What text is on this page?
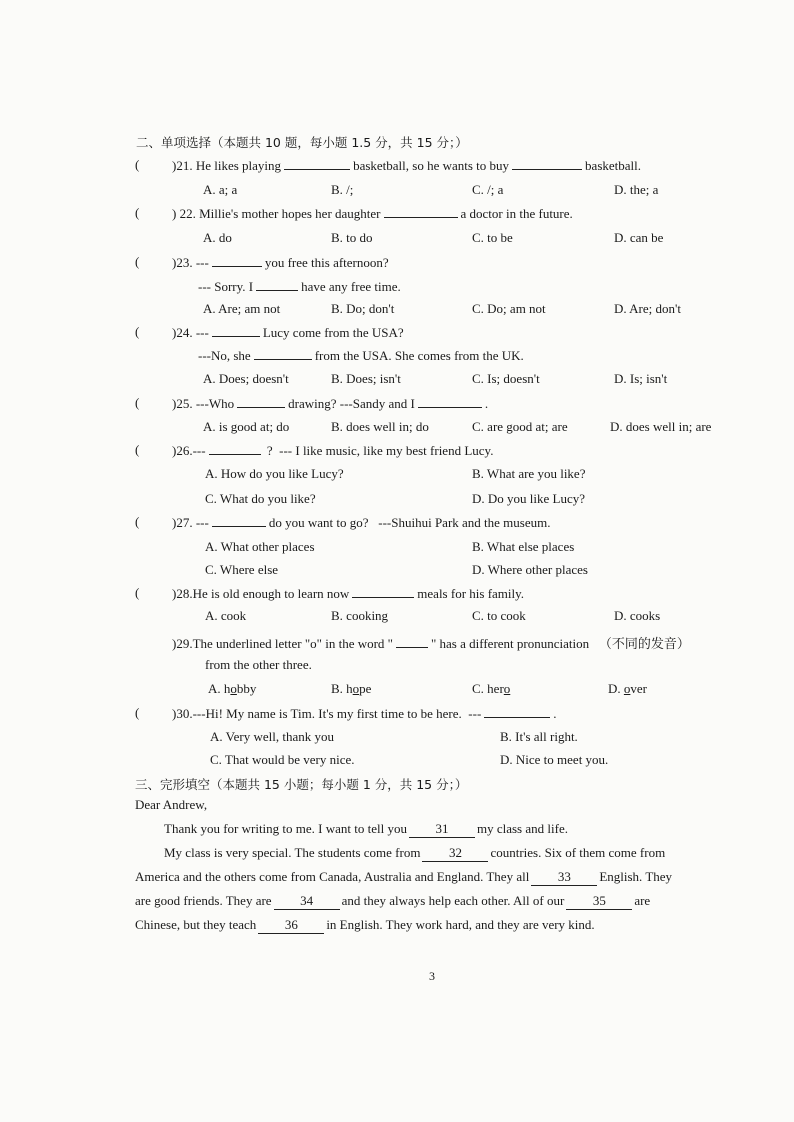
二、单项选择（本题共 10 题，每小题 1.5 分，共 15 分；）
(	)21. He likes playing	basketball, so he wants to buy	basketball.
A. a; a	B. /;	C. /; a	D. the; a
(	) 22. Millie's mother hopes her daughter	a doctor in the future.
A. do	B. to do	C. to be	D. can be
(	)23. ---	you free this afternoon?
--- Sorry. I	have any free time.
A. Are; am not	B. Do; don't	C. Do; am not	D. Are; don't
(	)24. ---	Lucy come from the USA?
---No, she	from the USA. She comes from the UK.
A. Does; doesn't	B. Does; isn't	C. Is; doesn't	D. Is; isn't
(	)25. ---Who	drawing? ---Sandy and I	.
A. is good at; do	B. does well in; do	C. are good at; are	D. does well in; are
(	)26.---	? --- I like music, like my best friend Lucy.
A. How do you like Lucy?	B. What are you like?
C. What do you like?	D. Do you like Lucy?
(	)27. ---	do you want to go? ---Shuihui Park and the museum.
A. What other places	B. What else places
C. Where else	D. Where other places
(	)28.He is old enough to learn now	meals for his family.
A. cook	B. cooking	C. to cook	D. cooks
)29.The underlined letter "o" in the word "	" has a different pronunciation （不同的发音）
from the other three.
A. hobby	B. hope	C. hero	D. over
(	)30.---Hi! My name is Tim. It's my first time to be here. ---	.
A. Very well, thank you	B. It's all right.
C. That would be very nice.	D. Nice to meet you.
三、完形填空（本题共 15 小题；每小题 1 分，共 15 分；）
Dear Andrew,
Thank you for writing to me. I want to tell you 31 my class and life.
My class is very special. The students come from 32 countries. Six of them come from
America and the others come from Canada, Australia and England. They all 33 English. They
are good friends. They are 34 and they always help each other. All of our 35 are
Chinese, but they teach 36 in English. They work hard, and they are very kind.
3
